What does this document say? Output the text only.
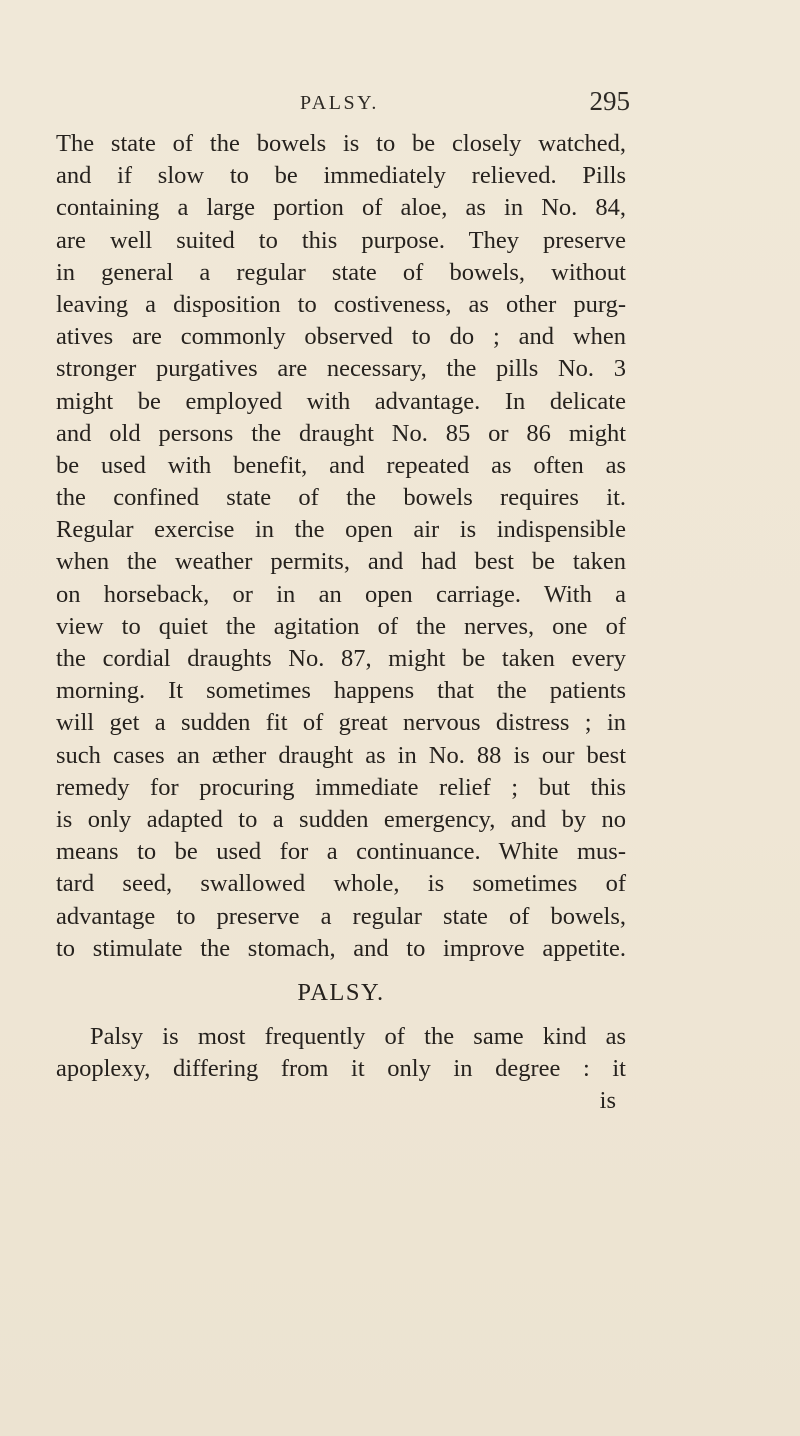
PALSY.	295
The state of the bowels is to be closely watched,
and if slow to be immediately relieved. Pills
containing a large portion of aloe, as in No. 84,
are well suited to this purpose. They preserve
in general a regular state of bowels, without
leaving a disposition to costiveness, as other purg-
atives are commonly observed to do ; and when
stronger purgatives are necessary, the pills No. 3
might be employed with advantage. In delicate
and old persons the draught No. 85 or 86 might
be used with benefit, and repeated as often as
the confined state of the bowels requires it.
Regular exercise in the open air is indispensible
when the weather permits, and had best be taken
on horseback, or in an open carriage. With a
view to quiet the agitation of the nerves, one of
the cordial draughts No. 87, might be taken every
morning. It sometimes happens that the patients
will get a sudden fit of great nervous distress ; in
such cases an æther draught as in No. 88 is our best
remedy for procuring immediate relief ; but this
is only adapted to a sudden emergency, and by no
means to be used for a continuance. White mus-
tard seed, swallowed whole, is sometimes of
advantage to preserve a regular state of bowels,
to stimulate the stomach, and to improve appetite.
PALSY.
Palsy is most frequently of the same kind as
apoplexy, differing from it only in degree : it
is
